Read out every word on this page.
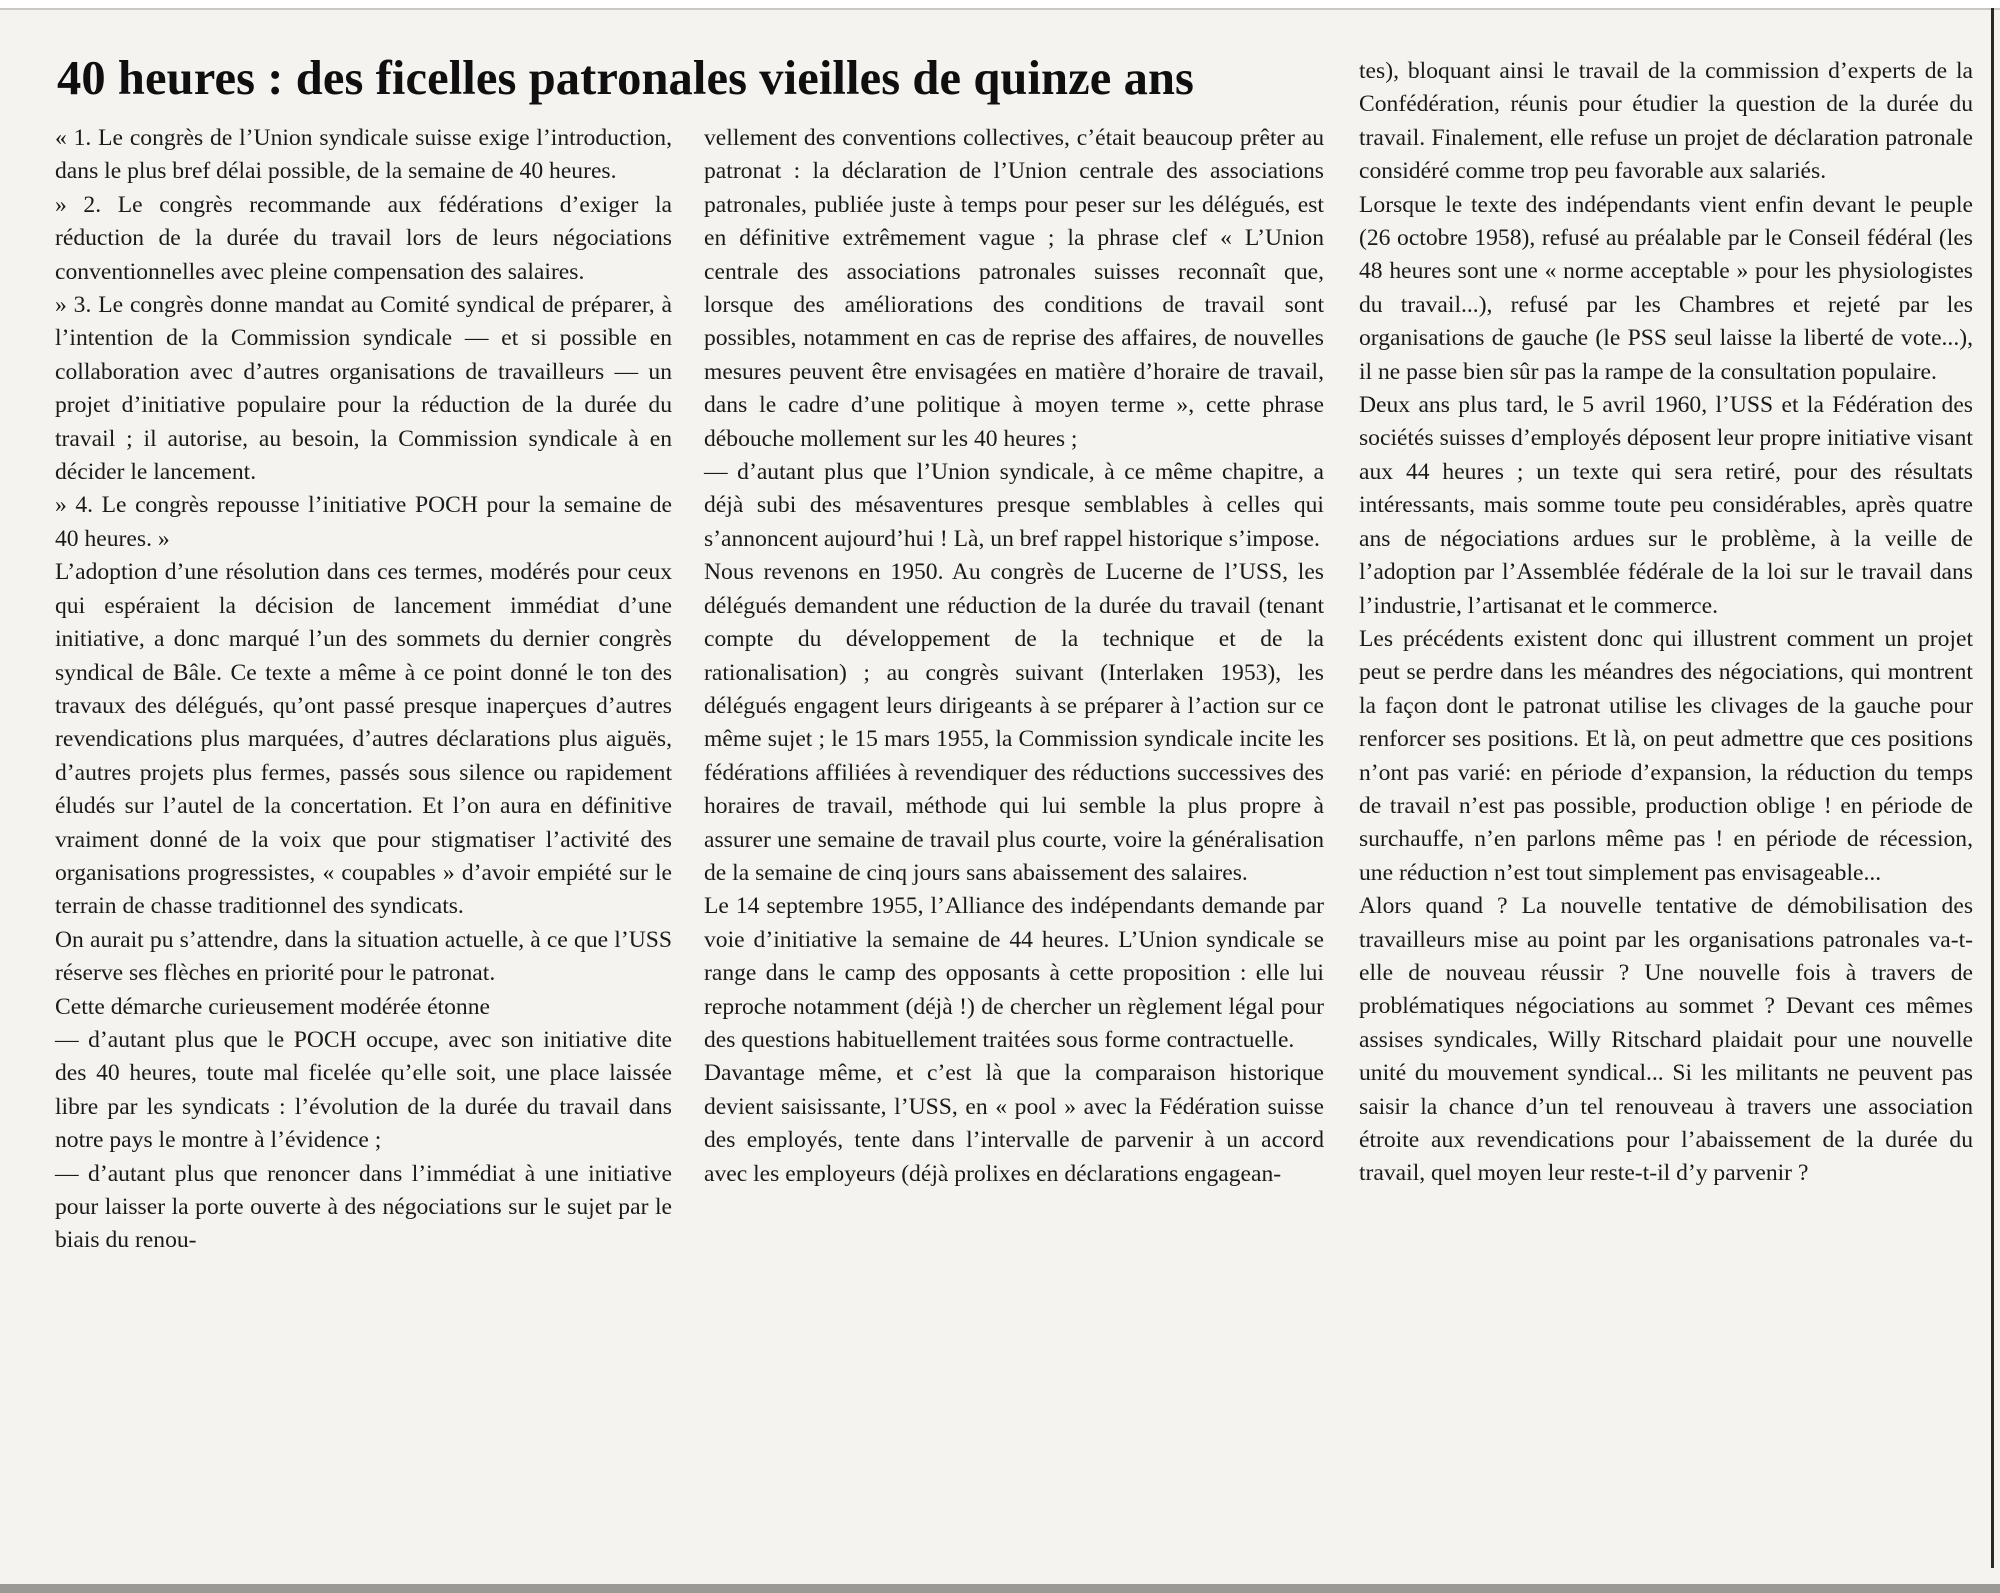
40 heures : des ficelles patronales vieilles de quinze ans

« 1. Le congrès de l’Union syndicale suisse exige l’introduction, dans le plus bref délai possible, de la semaine de 40 heures.

» 2. Le congrès recommande aux fédérations d’exiger la réduction de la durée du travail lors de leurs négociations conventionnelles avec pleine compensation des salaires.

» 3. Le congrès donne mandat au Comité syndical de préparer, à l’intention de la Commission syndicale — et si possible en collaboration avec d’autres organisations de travailleurs — un projet d’initiative populaire pour la réduction de la durée du travail ; il autorise, au besoin, la Commission syndicale à en décider le lancement.

» 4. Le congrès repousse l’initiative POCH pour la semaine de 40 heures. »

L’adoption d’une résolution dans ces termes, modérés pour ceux qui espéraient la décision de lancement immédiat d’une initiative, a donc marqué l’un des sommets du dernier congrès syndical de Bâle. Ce texte a même à ce point donné le ton des travaux des délégués, qu’ont passé presque inaperçues d’autres revendications plus marquées, d’autres déclarations plus aiguës, d’autres projets plus fermes, passés sous silence ou rapidement éludés sur l’autel de la concertation. Et l’on aura en définitive vraiment donné de la voix que pour stigmatiser l’activité des organisations progressistes, « coupables » d’avoir empiété sur le terrain de chasse traditionnel des syndicats.

On aurait pu s’attendre, dans la situation actuelle, à ce que l’USS réserve ses flèches en priorité pour le patronat.

Cette démarche curieusement modérée étonne

— d’autant plus que le POCH occupe, avec son initiative dite des 40 heures, toute mal ficelée qu’elle soit, une place laissée libre par les syndicats : l’évolution de la durée du travail dans notre pays le montre à l’évidence ;

— d’autant plus que renoncer dans l’immédiat à une initiative pour laisser la porte ouverte à des négociations sur le sujet par le biais du renou-

vellement des conventions collectives, c’était beaucoup prêter au patronat : la déclaration de l’Union centrale des associations patronales, publiée juste à temps pour peser sur les délégués, est en définitive extrêmement vague ; la phrase clef « L’Union centrale des associations patronales suisses reconnaît que, lorsque des améliorations des conditions de travail sont possibles, notamment en cas de reprise des affaires, de nouvelles mesures peuvent être envisagées en matière d’horaire de travail, dans le cadre d’une politique à moyen terme », cette phrase débouche mollement sur les 40 heures ;

— d’autant plus que l’Union syndicale, à ce même chapitre, a déjà subi des mésaventures presque semblables à celles qui s’annoncent aujourd’hui ! Là, un bref rappel historique s’impose.

Nous revenons en 1950. Au congrès de Lucerne de l’USS, les délégués demandent une réduction de la durée du travail (tenant compte du développement de la technique et de la rationalisation) ; au congrès suivant (Interlaken 1953), les délégués engagent leurs dirigeants à se préparer à l’action sur ce même sujet ; le 15 mars 1955, la Commission syndicale incite les fédérations affiliées à revendiquer des réductions successives des horaires de travail, méthode qui lui semble la plus propre à assurer une semaine de travail plus courte, voire la généralisation de la semaine de cinq jours sans abaissement des salaires.

Le 14 septembre 1955, l’Alliance des indépendants demande par voie d’initiative la semaine de 44 heures. L’Union syndicale se range dans le camp des opposants à cette proposition : elle lui reproche notamment (déjà !) de chercher un règlement légal pour des questions habituellement traitées sous forme contractuelle.

Davantage même, et c’est là que la comparaison historique devient saisissante, l’USS, en « pool » avec la Fédération suisse des employés, tente dans l’intervalle de parvenir à un accord avec les employeurs (déjà prolixes en déclarations engagean-

tes), bloquant ainsi le travail de la commission d’experts de la Confédération, réunis pour étudier la question de la durée du travail. Finalement, elle refuse un projet de déclaration patronale considéré comme trop peu favorable aux salariés.

Lorsque le texte des indépendants vient enfin devant le peuple (26 octobre 1958), refusé au préalable par le Conseil fédéral (les 48 heures sont une « norme acceptable » pour les physiologistes du travail...), refusé par les Chambres et rejeté par les organisations de gauche (le PSS seul laisse la liberté de vote...), il ne passe bien sûr pas la rampe de la consultation populaire.

Deux ans plus tard, le 5 avril 1960, l’USS et la Fédération des sociétés suisses d’employés déposent leur propre initiative visant aux 44 heures ; un texte qui sera retiré, pour des résultats intéressants, mais somme toute peu considérables, après quatre ans de négociations ardues sur le problème, à la veille de l’adoption par l’Assemblée fédérale de la loi sur le travail dans l’industrie, l’artisanat et le commerce.

Les précédents existent donc qui illustrent comment un projet peut se perdre dans les méandres des négociations, qui montrent la façon dont le patronat utilise les clivages de la gauche pour renforcer ses positions. Et là, on peut admettre que ces positions n’ont pas varié: en période d’expansion, la réduction du temps de travail n’est pas possible, production oblige ! en période de surchauffe, n’en parlons même pas ! en période de récession, une réduction n’est tout simplement pas envisageable...

Alors quand ? La nouvelle tentative de démobilisation des travailleurs mise au point par les organisations patronales va-t-elle de nouveau réussir ? Une nouvelle fois à travers de problématiques négociations au sommet ? Devant ces mêmes assises syndicales, Willy Ritschard plaidait pour une nouvelle unité du mouvement syndical... Si les militants ne peuvent pas saisir la chance d’un tel renouveau à travers une association étroite aux revendications pour l’abaissement de la durée du travail, quel moyen leur reste-t-il d’y parvenir ?
